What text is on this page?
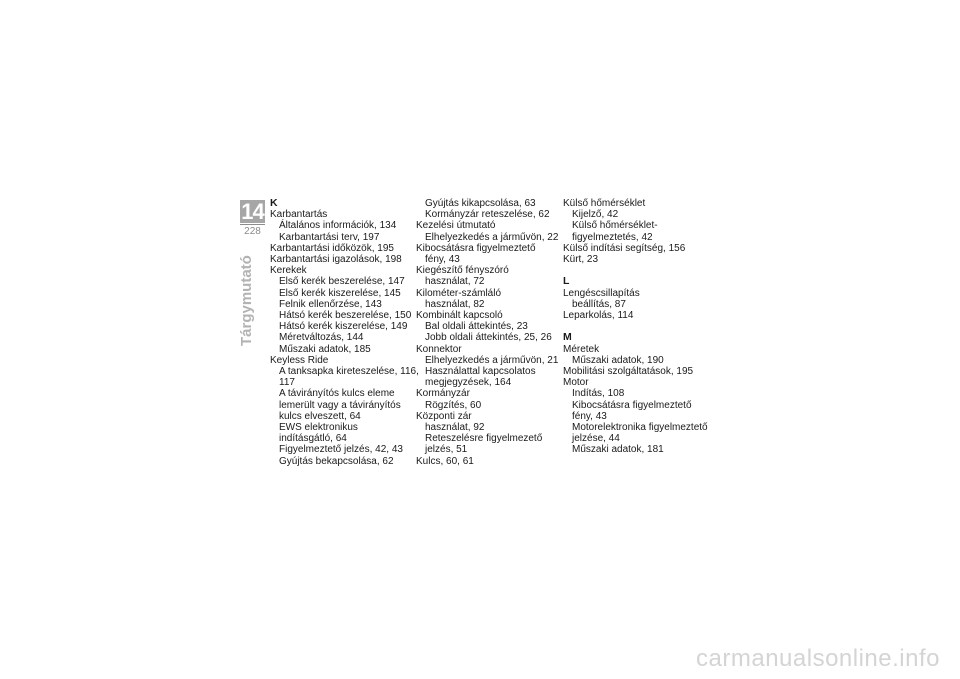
14
228
Tárgymutató
K
Karbantartás
Általános információk, 134
Karbantartási terv, 197
Karbantartási időközök, 195
Karbantartási igazolások, 198
Kerekek
Első kerék beszerelése, 147
Első kerék kiszerelése, 145
Felnik ellenőrzése, 143
Hátsó kerék beszerelése, 150
Hátsó kerék kiszerelése, 149
Méretváltozás, 144
Műszaki adatok, 185
Keyless Ride
A tanksapka kireteszelése, 116,
117
A távirányítós kulcs eleme
lemerült vagy a távirányítós
kulcs elveszett, 64
EWS elektronikus
indításgátló, 64
Figyelmeztető jelzés, 42, 43
Gyújtás bekapcsolása, 62
Gyújtás kikapcsolása, 63
Kormányzár reteszelése, 62
Kezelési útmutató
Elhelyezkedés a járművön, 22
Kibocsátásra figyelmeztető
fény, 43
Kiegészítő fényszóró
használat, 72
Kilométer-számláló
használat, 82
Kombinált kapcsoló
Bal oldali áttekintés, 23
Jobb oldali áttekintés, 25, 26
Konnektor
Elhelyezkedés a járművön, 21
Használattal kapcsolatos
megjegyzések, 164
Kormányzár
Rögzítés, 60
Központi zár
használat, 92
Reteszelésre figyelmezető
jelzés, 51
Kulcs, 60, 61
Külső hőmérséklet
Kijelző, 42
Külső hőmérséklet-
figyelmeztetés, 42
Külső indítási segítség, 156
Kürt, 23
L
Lengéscsillapítás
beállítás, 87
Leparkolás, 114
M
Méretek
Műszaki adatok, 190
Mobilitási szolgáltatások, 195
Motor
Indítás, 108
Kibocsátásra figyelmeztető
fény, 43
Motorelektronika figyelmeztető
jelzése, 44
Műszaki adatok, 181
carmanualsonline.info
